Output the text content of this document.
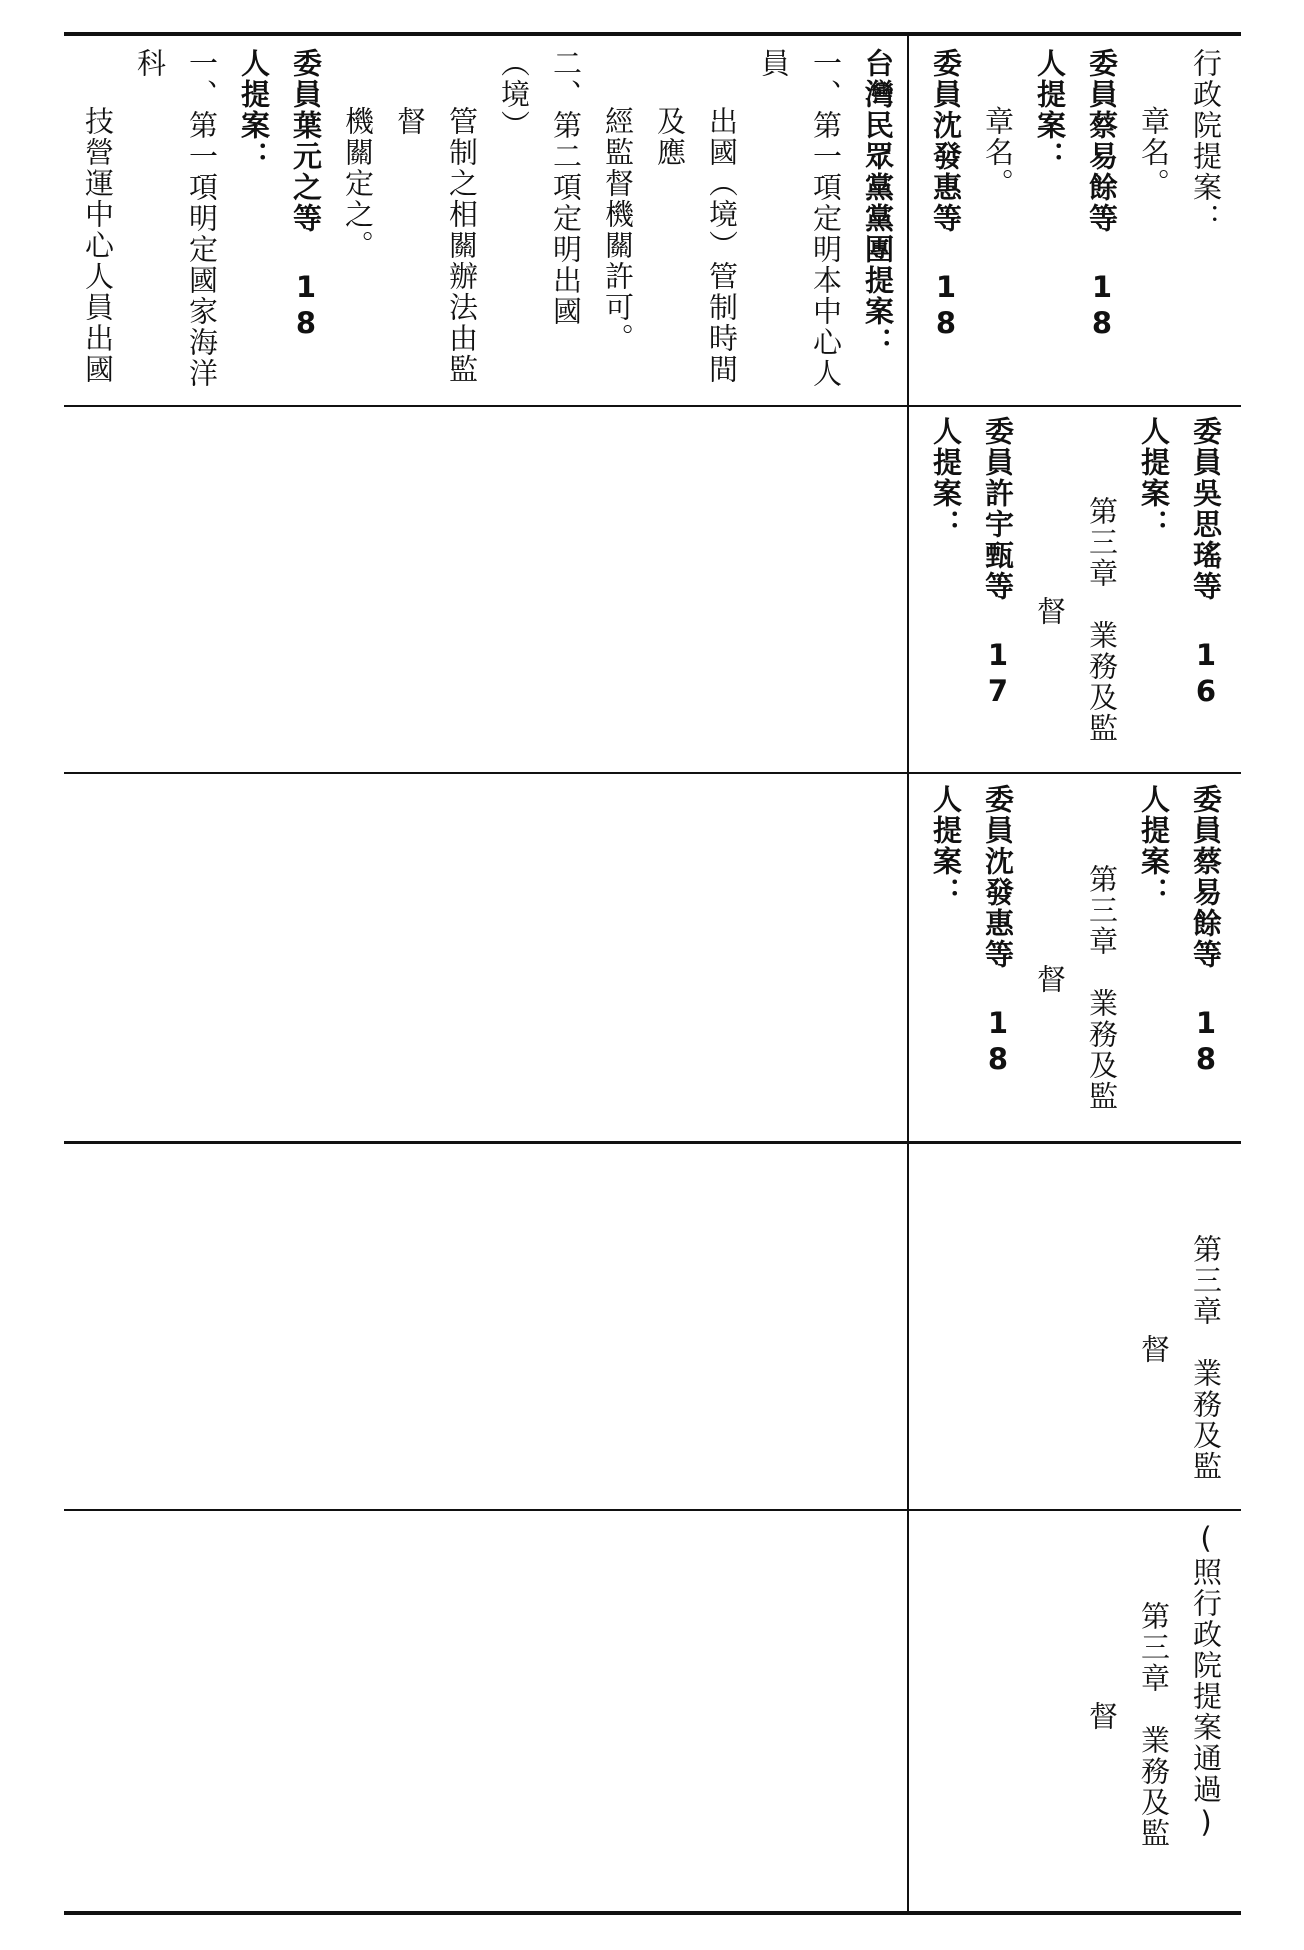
台灣民眾黨黨團提案：

一、第一項定明本中心人員

出國（境）管制時間及應

經監督機關許可。

二、第二項定明出國（境）

管制之相關辦法由監督

機關定之。

委員葉元之等 18 人提案：

一、第一項明定國家海洋科

技營運中心人員出國

行政院提案：

章名。

委員蔡易餘等 18 人提案：

章名。

委員沈發惠等 18

委員吳思瑤等 16 人提案：

第三章　業務及監

督

委員許宇甄等 17 人提案：

委員蔡易餘等 18 人提案：

第三章　業務及監

督

委員沈發惠等 18 人提案：

第三章　業務及監

督

(照行政院提案通過)

第三章　業務及監

督
